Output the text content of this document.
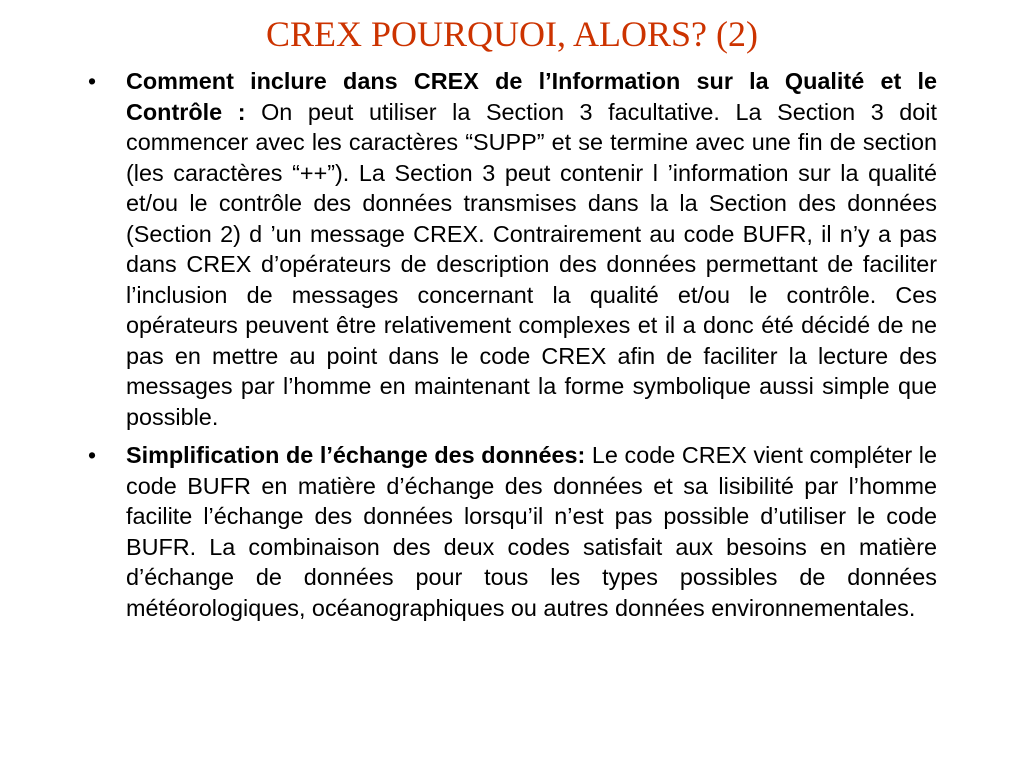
CREX POURQUOI, ALORS? (2)
• Comment inclure dans CREX de l’Information sur la Qualité et le Contrôle : On peut utiliser la Section 3 facultative. La Section 3 doit commencer avec les caractères “SUPP” et se termine avec une fin de section (les caractères “++”). La Section 3 peut contenir l ’information sur la qualité et/ou le contrôle des données transmises dans la la Section des données (Section 2) d ’un message CREX. Contrairement au code BUFR, il n’y a pas dans CREX d’opérateurs de description des données permettant de faciliter l’inclusion de messages concernant la qualité et/ou le contrôle. Ces opérateurs peuvent être relativement complexes et il a donc été décidé de ne pas en mettre au point dans le code CREX afin de faciliter la lecture des messages par l’homme en maintenant la forme symbolique aussi simple que possible.
• Simplification de l’échange des données: Le code CREX vient compléter le code BUFR en matière d’échange des données et sa lisibilité par l’homme facilite l’échange des données lorsqu’il n’est pas possible d’utiliser le code BUFR. La combinaison des deux codes satisfait aux besoins en matière d’échange de données pour tous les types possibles de données météorologiques, océanographiques ou autres données environnementales.
